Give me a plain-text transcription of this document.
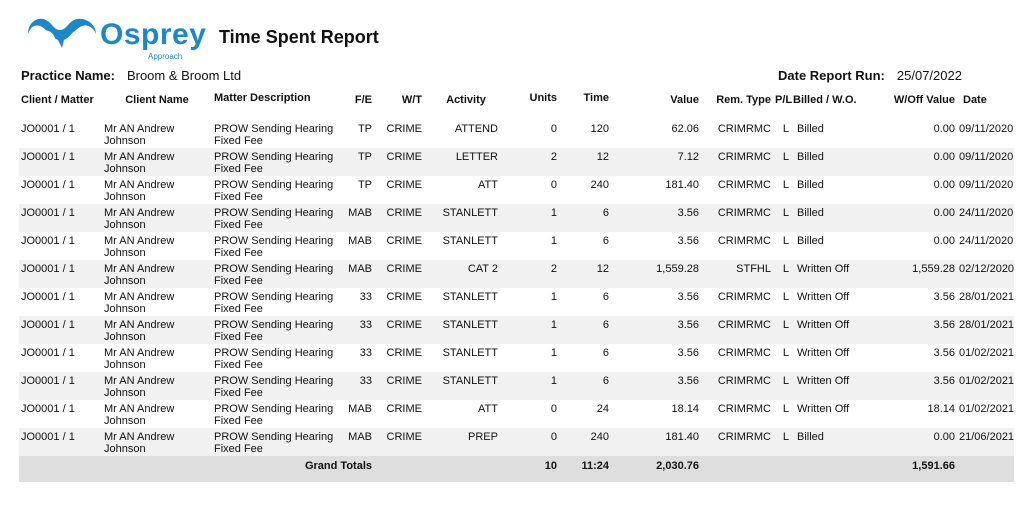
Osprey
Approach
Time Spent Report
Practice Name: Broom & Broom Ltd	Date Report Run: 25/07/2022
Client / Matter	Client Name	Matter Description	F/E	W/T	Activity	Units	Time	Value	Rem. Type	P/L	Billed / W.O.	W/Off Value	Date
JO0001 / 1	Mr AN Andrew Johnson	PROW Sending Hearing Fixed Fee	TP	CRIME	ATTEND	0	120	62.06	CRIMRMC	L	Billed	0.00	09/11/2020
JO0001 / 1	Mr AN Andrew Johnson	PROW Sending Hearing Fixed Fee	TP	CRIME	LETTER	2	12	7.12	CRIMRMC	L	Billed	0.00	09/11/2020
JO0001 / 1	Mr AN Andrew Johnson	PROW Sending Hearing Fixed Fee	TP	CRIME	ATT	0	240	181.40	CRIMRMC	L	Billed	0.00	09/11/2020
JO0001 / 1	Mr AN Andrew Johnson	PROW Sending Hearing Fixed Fee	MAB	CRIME	STANLETT	1	6	3.56	CRIMRMC	L	Billed	0.00	24/11/2020
JO0001 / 1	Mr AN Andrew Johnson	PROW Sending Hearing Fixed Fee	MAB	CRIME	STANLETT	1	6	3.56	CRIMRMC	L	Billed	0.00	24/11/2020
JO0001 / 1	Mr AN Andrew Johnson	PROW Sending Hearing Fixed Fee	MAB	CRIME	CAT 2	2	12	1,559.28	STFHL	L	Written Off	1,559.28	02/12/2020
JO0001 / 1	Mr AN Andrew Johnson	PROW Sending Hearing Fixed Fee	33	CRIME	STANLETT	1	6	3.56	CRIMRMC	L	Written Off	3.56	28/01/2021
JO0001 / 1	Mr AN Andrew Johnson	PROW Sending Hearing Fixed Fee	33	CRIME	STANLETT	1	6	3.56	CRIMRMC	L	Written Off	3.56	28/01/2021
JO0001 / 1	Mr AN Andrew Johnson	PROW Sending Hearing Fixed Fee	33	CRIME	STANLETT	1	6	3.56	CRIMRMC	L	Written Off	3.56	01/02/2021
JO0001 / 1	Mr AN Andrew Johnson	PROW Sending Hearing Fixed Fee	33	CRIME	STANLETT	1	6	3.56	CRIMRMC	L	Written Off	3.56	01/02/2021
JO0001 / 1	Mr AN Andrew Johnson	PROW Sending Hearing Fixed Fee	MAB	CRIME	ATT	0	24	18.14	CRIMRMC	L	Written Off	18.14	01/02/2021
JO0001 / 1	Mr AN Andrew Johnson	PROW Sending Hearing Fixed Fee	MAB	CRIME	PREP	0	240	181.40	CRIMRMC	L	Billed	0.00	21/06/2021
		Grand Totals				10	11:24	2,030.76				1,591.66	
